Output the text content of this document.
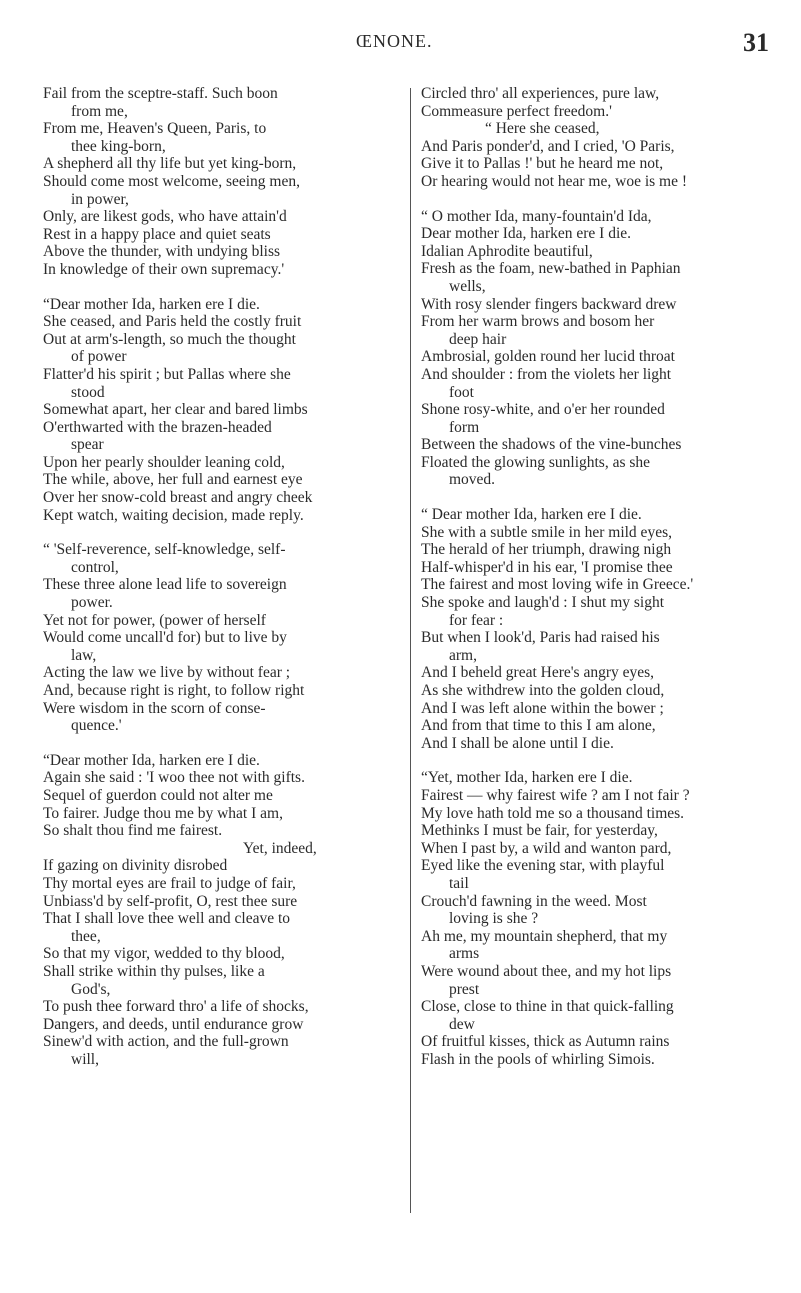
ŒNONE.	31
Fail from the sceptre-staff. Such boon
from me,
From me, Heaven's Queen, Paris, to
thee king-born,
A shepherd all thy life but yet king-born,
Should come most welcome, seeing men,
in power,
Only, are likest gods, who have attain'd
Rest in a happy place and quiet seats
Above the thunder, with undying bliss
In knowledge of their own supremacy.'
“Dear mother Ida, harken ere I die.
She ceased, and Paris held the costly fruit
Out at arm's-length, so much the thought
of power
Flatter'd his spirit ; but Pallas where she
stood
Somewhat apart, her clear and bared limbs
O'erthwarted with the brazen-headed
spear
Upon her pearly shoulder leaning cold,
The while, above, her full and earnest eye
Over her snow-cold breast and angry cheek
Kept watch, waiting decision, made reply.
“ 'Self-reverence, self-knowledge, self-
control,
These three alone lead life to sovereign
power.
Yet not for power, (power of herself
Would come uncall'd for) but to live by
law,
Acting the law we live by without fear ;
And, because right is right, to follow right
Were wisdom in the scorn of conse-
quence.'
“Dear mother Ida, harken ere I die.
Again she said : 'I woo thee not with gifts.
Sequel of guerdon could not alter me
To fairer. Judge thou me by what I am,
So shalt thou find me fairest.
Yet, indeed,
If gazing on divinity disrobed
Thy mortal eyes are frail to judge of fair,
Unbiass'd by self-profit, O, rest thee sure
That I shall love thee well and cleave to
thee,
So that my vigor, wedded to thy blood,
Shall strike within thy pulses, like a
God's,
To push thee forward thro' a life of shocks,
Dangers, and deeds, until endurance grow
Sinew'd with action, and the full-grown
will,
Circled thro' all experiences, pure law,
Commeasure perfect freedom.'
“ Here she ceased,
And Paris ponder'd, and I cried, 'O Paris,
Give it to Pallas !' but he heard me not,
Or hearing would not hear me, woe is me !
“ O mother Ida, many-fountain'd Ida,
Dear mother Ida, harken ere I die.
Idalian Aphrodite beautiful,
Fresh as the foam, new-bathed in Paphian
wells,
With rosy slender fingers backward drew
From her warm brows and bosom her
deep hair
Ambrosial, golden round her lucid throat
And shoulder : from the violets her light
foot
Shone rosy-white, and o'er her rounded
form
Between the shadows of the vine-bunches
Floated the glowing sunlights, as she
moved.
“ Dear mother Ida, harken ere I die.
She with a subtle smile in her mild eyes,
The herald of her triumph, drawing nigh
Half-whisper'd in his ear, 'I promise thee
The fairest and most loving wife in Greece.'
She spoke and laugh'd : I shut my sight
for fear :
But when I look'd, Paris had raised his
arm,
And I beheld great Here's angry eyes,
As she withdrew into the golden cloud,
And I was left alone within the bower ;
And from that time to this I am alone,
And I shall be alone until I die.
“Yet, mother Ida, harken ere I die.
Fairest — why fairest wife ? am I not fair ?
My love hath told me so a thousand times.
Methinks I must be fair, for yesterday,
When I past by, a wild and wanton pard,
Eyed like the evening star, with playful
tail
Crouch'd fawning in the weed. Most
loving is she ?
Ah me, my mountain shepherd, that my
arms
Were wound about thee, and my hot lips
prest
Close, close to thine in that quick-falling
dew
Of fruitful kisses, thick as Autumn rains
Flash in the pools of whirling Simois.
